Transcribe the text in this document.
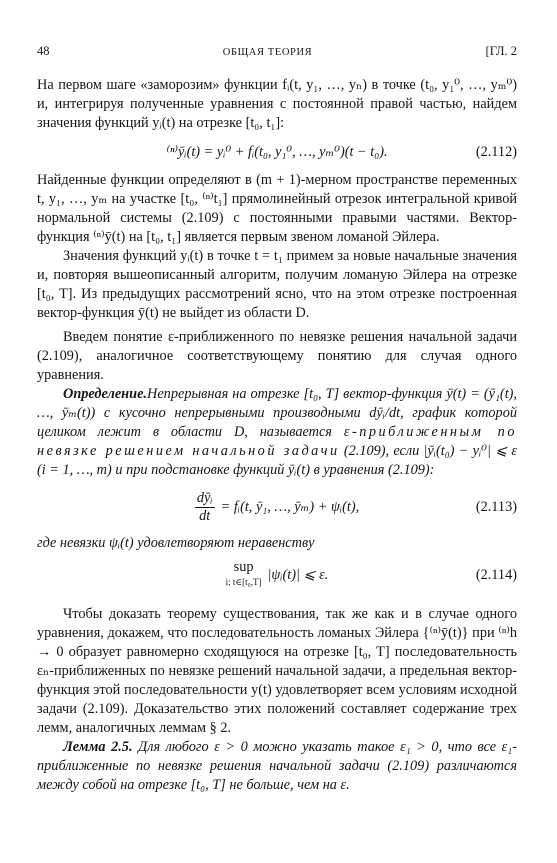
48	ОБЩАЯ ТЕОРИЯ	[ГЛ. 2

На первом шаге «заморозим» функции fᵢ(t, y₁, …, yₙ) в точке (t₀, y₁⁰, …, yₘ⁰) и, интегрируя полученные уравнения с постоянной правой частью, найдем значения функций yᵢ(t) на отрезке [t₀, t₁]:

⁽ⁿ⁾ȳᵢ(t) = yᵢ⁰ + fᵢ(t₀, y₁⁰, …, yₘ⁰)(t − t₀).	(2.112)

Найденные функции определяют в (m + 1)-мерном пространстве переменных t, y₁, …, yₘ на участке [t₀, ⁽ⁿ⁾t₁] прямолинейный отрезок интегральной кривой нормальной системы (2.109) с постоянными правыми частями. Вектор-функция ⁽ⁿ⁾ȳ(t) на [t₀, t₁] является первым звеном ломаной Эйлера.

Значения функций yᵢ(t) в точке t = t₁ примем за новые начальные значения и, повторяя вышеописанный алгоритм, получим ломаную Эйлера на отрезке [t₀, T]. Из предыдущих рассмотрений ясно, что на этом отрезке построенная вектор-функция ȳ(t) не выйдет из области D.

Введем понятие ε-приближенного по невязке решения начальной задачи (2.109), аналогичное соответствующему понятию для случая одного уравнения.

Определение.Непрерывная на отрезке [t₀, T] вектор-функция ȳ(t) = (ȳ₁(t), …, ȳₘ(t)) с кусочно непрерывными производными dȳᵢ/dt, график которой целиком лежит в области D, называется ε-приближенным по невязке решением начальной задачи (2.109), если |ȳᵢ(t₀) − yᵢ⁰| ⩽ ε (i = 1, …, m) и при подстановке функций ȳᵢ(t) в уравнения (2.109):

dȳᵢ
dt
= fᵢ(t, ȳ₁, …, ȳₘ) + ψᵢ(t),	(2.113)

где невязки ψᵢ(t) удовлетворяют неравенству

sup
i; t∈[t₀,T] |ψᵢ(t)| ⩽ ε.	(2.114)

Чтобы доказать теорему существования, так же как и в случае одного уравнения, докажем, что последовательность ломаных Эйлера {⁽ⁿ⁾ȳ(t)} при ⁽ⁿ⁾h → 0 образует равномерно сходящуюся на отрезке [t₀, T] последовательность εₙ-приближенных по невязке решений начальной задачи, а предельная вектор-функция этой последовательности y(t) удовлетворяет всем условиям исходной задачи (2.109). Доказательство этих положений составляет содержание трех лемм, аналогичных леммам § 2.

Лемма 2.5. Для любого ε > 0 можно указать такое ε₁ > 0, что все ε₁-приближенные по невязке решения начальной задачи (2.109) различаются между собой на отрезке [t₀, T] не больше, чем на ε.
